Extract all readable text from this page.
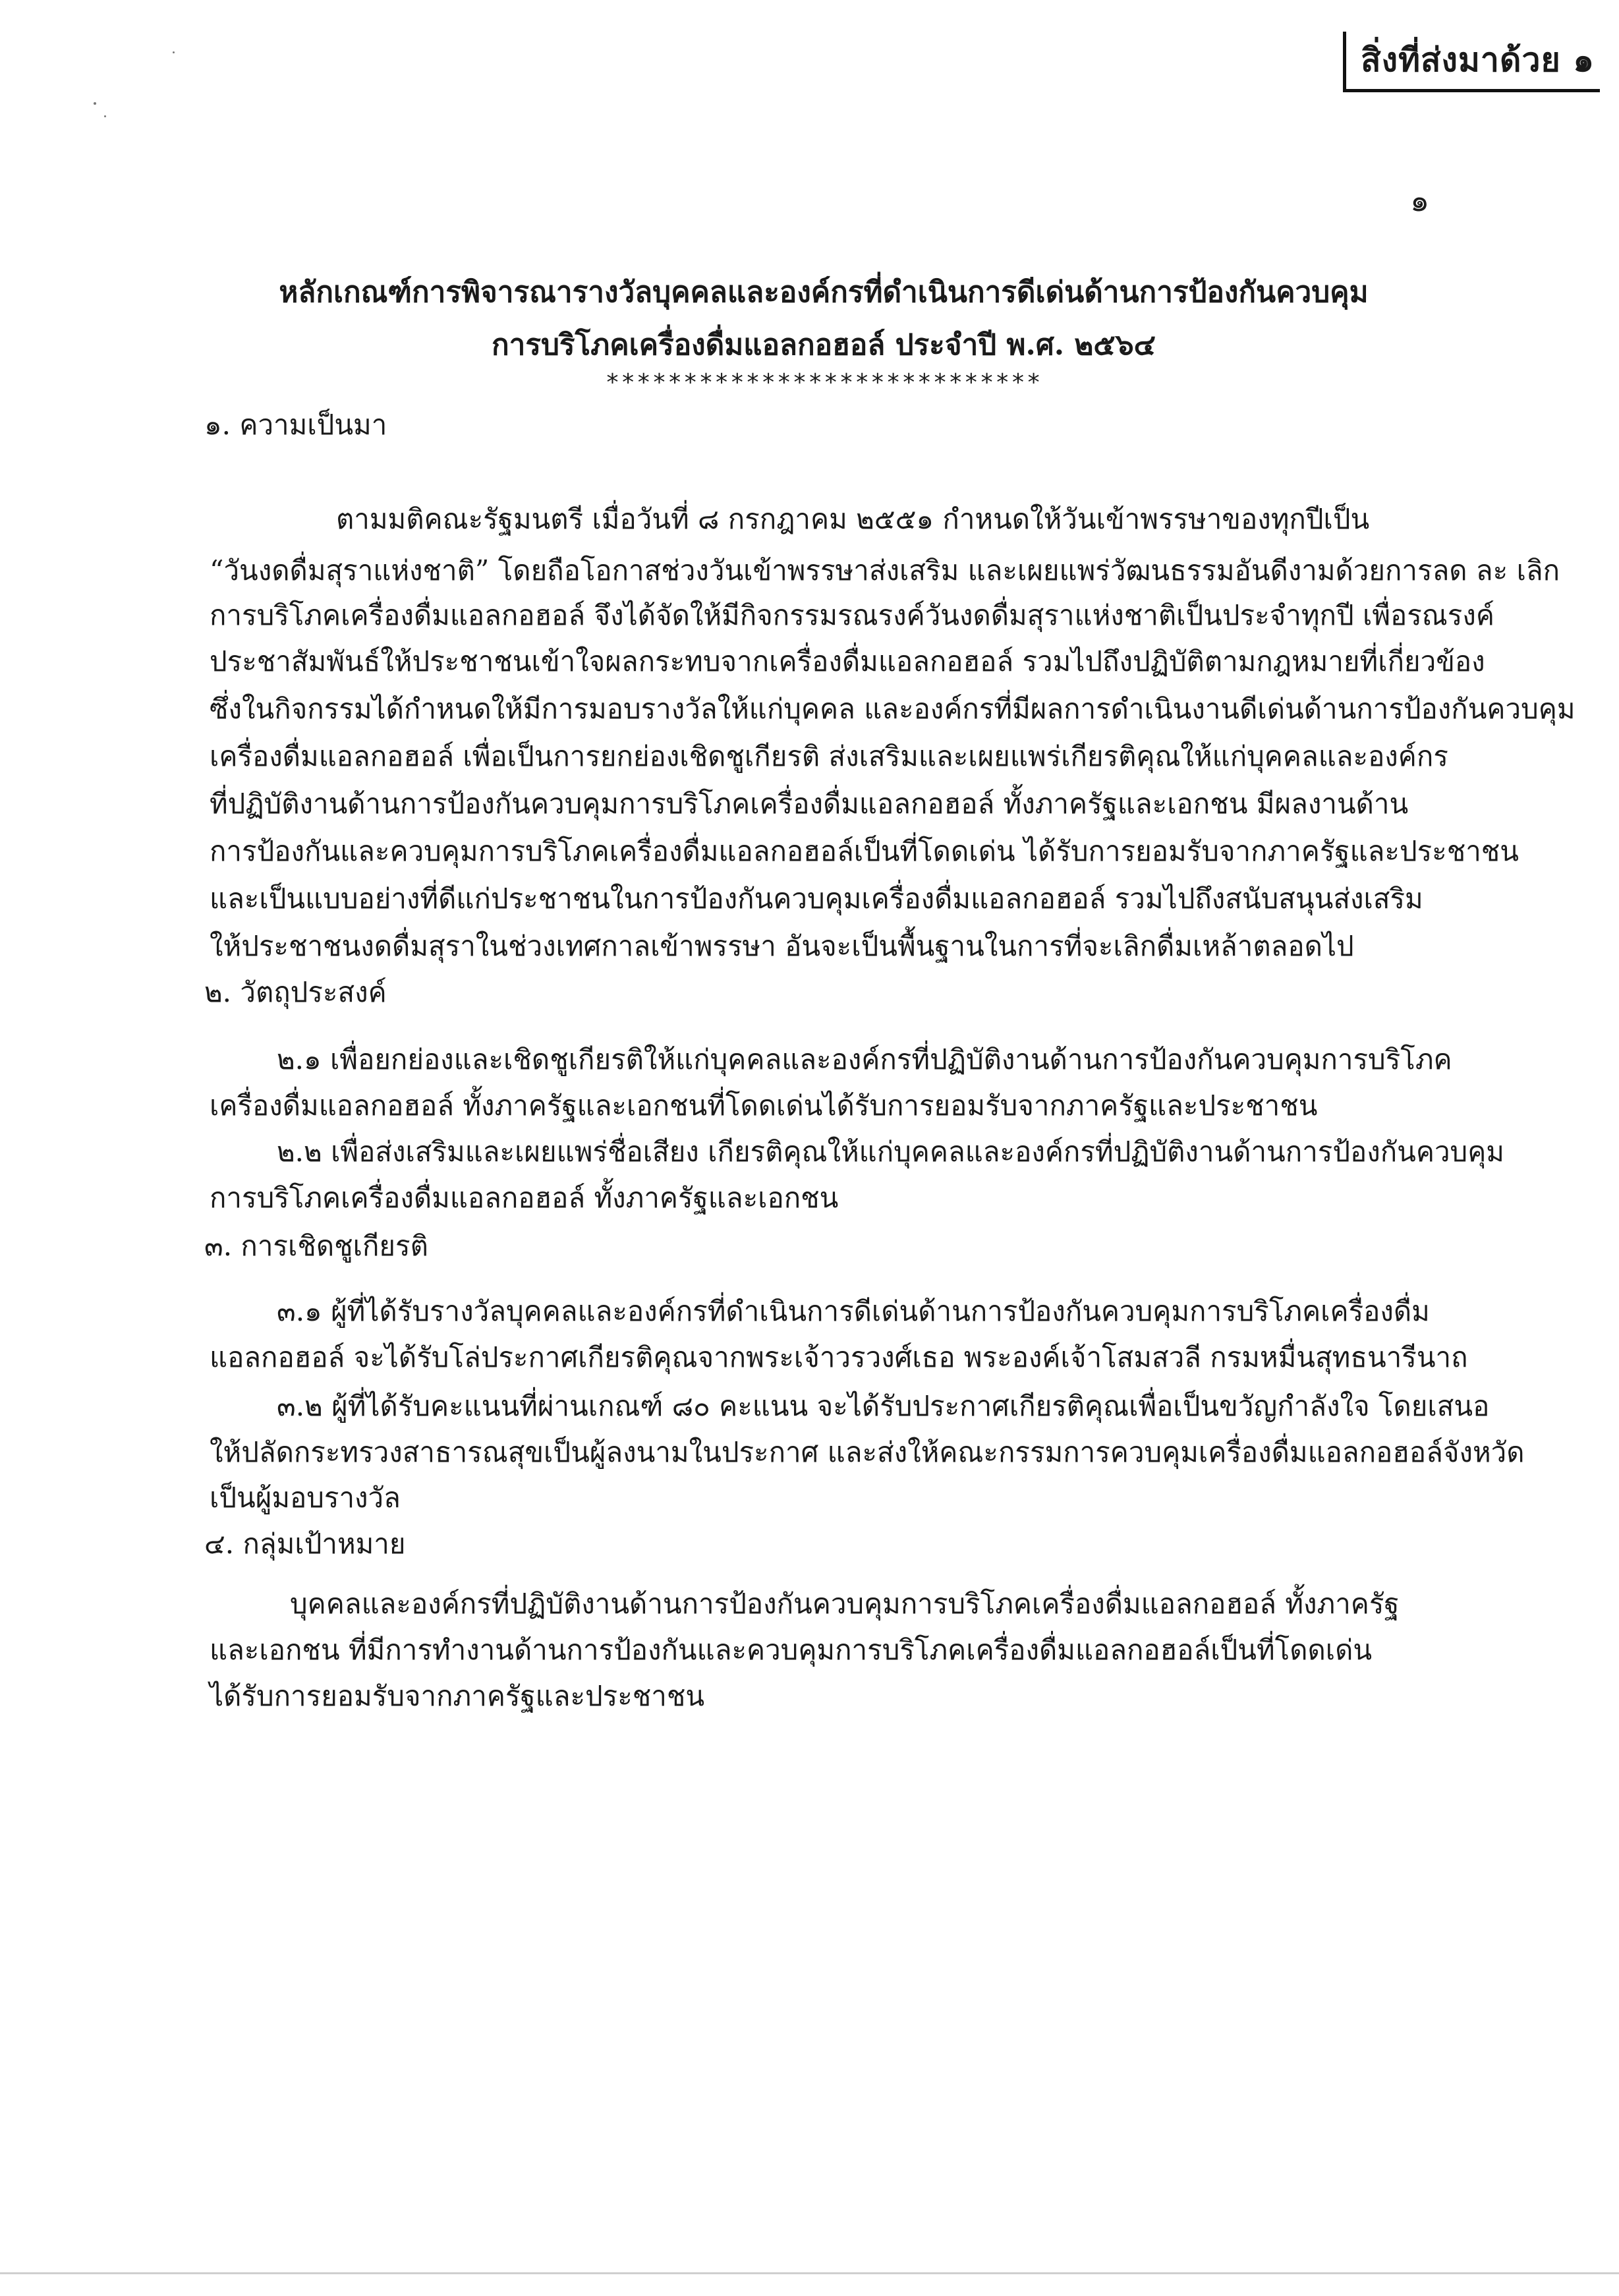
สิ่งที่ส่งมาด้วย ๑
๑
หลักเกณฑ์การพิจารณารางวัลบุคคลและองค์กรที่ดำเนินการดีเด่นด้านการป้องกันควบคุม
การบริโภคเครื่องดื่มแอลกอฮอล์ ประจำปี พ.ศ. ๒๕๖๔
****************************
๑. ความเป็นมา
ตามมติคณะรัฐมนตรี เมื่อวันที่ ๘ กรกฎาคม ๒๕๕๑ กำหนดให้วันเข้าพรรษาของทุกปีเป็น
“วันงดดื่มสุราแห่งชาติ” โดยถือโอกาสช่วงวันเข้าพรรษาส่งเสริม และเผยแพร่วัฒนธรรมอันดีงามด้วยการลด ละ เลิก
การบริโภคเครื่องดื่มแอลกอฮอล์ จึงได้จัดให้มีกิจกรรมรณรงค์วันงดดื่มสุราแห่งชาติเป็นประจำทุกปี เพื่อรณรงค์
ประชาสัมพันธ์ให้ประชาชนเข้าใจผลกระทบจากเครื่องดื่มแอลกอฮอล์ รวมไปถึงปฏิบัติตามกฎหมายที่เกี่ยวข้อง
ซึ่งในกิจกรรมได้กำหนดให้มีการมอบรางวัลให้แก่บุคคล และองค์กรที่มีผลการดำเนินงานดีเด่นด้านการป้องกันควบคุม
เครื่องดื่มแอลกอฮอล์ เพื่อเป็นการยกย่องเชิดชูเกียรติ ส่งเสริมและเผยแพร่เกียรติคุณให้แก่บุคคลและองค์กร
ที่ปฏิบัติงานด้านการป้องกันควบคุมการบริโภคเครื่องดื่มแอลกอฮอล์ ทั้งภาครัฐและเอกชน มีผลงานด้าน
การป้องกันและควบคุมการบริโภคเครื่องดื่มแอลกอฮอล์เป็นที่โดดเด่น ได้รับการยอมรับจากภาครัฐและประชาชน
และเป็นแบบอย่างที่ดีแก่ประชาชนในการป้องกันควบคุมเครื่องดื่มแอลกอฮอล์ รวมไปถึงสนับสนุนส่งเสริม
ให้ประชาชนงดดื่มสุราในช่วงเทศกาลเข้าพรรษา อันจะเป็นพื้นฐานในการที่จะเลิกดื่มเหล้าตลอดไป
๒. วัตถุประสงค์
๒.๑ เพื่อยกย่องและเชิดชูเกียรติให้แก่บุคคลและองค์กรที่ปฏิบัติงานด้านการป้องกันควบคุมการบริโภค
เครื่องดื่มแอลกอฮอล์ ทั้งภาครัฐและเอกชนที่โดดเด่นได้รับการยอมรับจากภาครัฐและประชาชน
๒.๒ เพื่อส่งเสริมและเผยแพร่ชื่อเสียง เกียรติคุณให้แก่บุคคลและองค์กรที่ปฏิบัติงานด้านการป้องกันควบคุม
การบริโภคเครื่องดื่มแอลกอฮอล์ ทั้งภาครัฐและเอกชน
๓. การเชิดชูเกียรติ
๓.๑ ผู้ที่ได้รับรางวัลบุคคลและองค์กรที่ดำเนินการดีเด่นด้านการป้องกันควบคุมการบริโภคเครื่องดื่ม
แอลกอฮอล์ จะได้รับโล่ประกาศเกียรติคุณจากพระเจ้าวรวงศ์เธอ พระองค์เจ้าโสมสวลี กรมหมื่นสุทธนารีนาถ
๓.๒ ผู้ที่ได้รับคะแนนที่ผ่านเกณฑ์ ๘๐ คะแนน จะได้รับประกาศเกียรติคุณเพื่อเป็นขวัญกำลังใจ โดยเสนอ
ให้ปลัดกระทรวงสาธารณสุขเป็นผู้ลงนามในประกาศ และส่งให้คณะกรรมการควบคุมเครื่องดื่มแอลกอฮอล์จังหวัด
เป็นผู้มอบรางวัล
๔. กลุ่มเป้าหมาย
บุคคลและองค์กรที่ปฏิบัติงานด้านการป้องกันควบคุมการบริโภคเครื่องดื่มแอลกอฮอล์ ทั้งภาครัฐ
และเอกชน ที่มีการทำงานด้านการป้องกันและควบคุมการบริโภคเครื่องดื่มแอลกอฮอล์เป็นที่โดดเด่น
ได้รับการยอมรับจากภาครัฐและประชาชน
